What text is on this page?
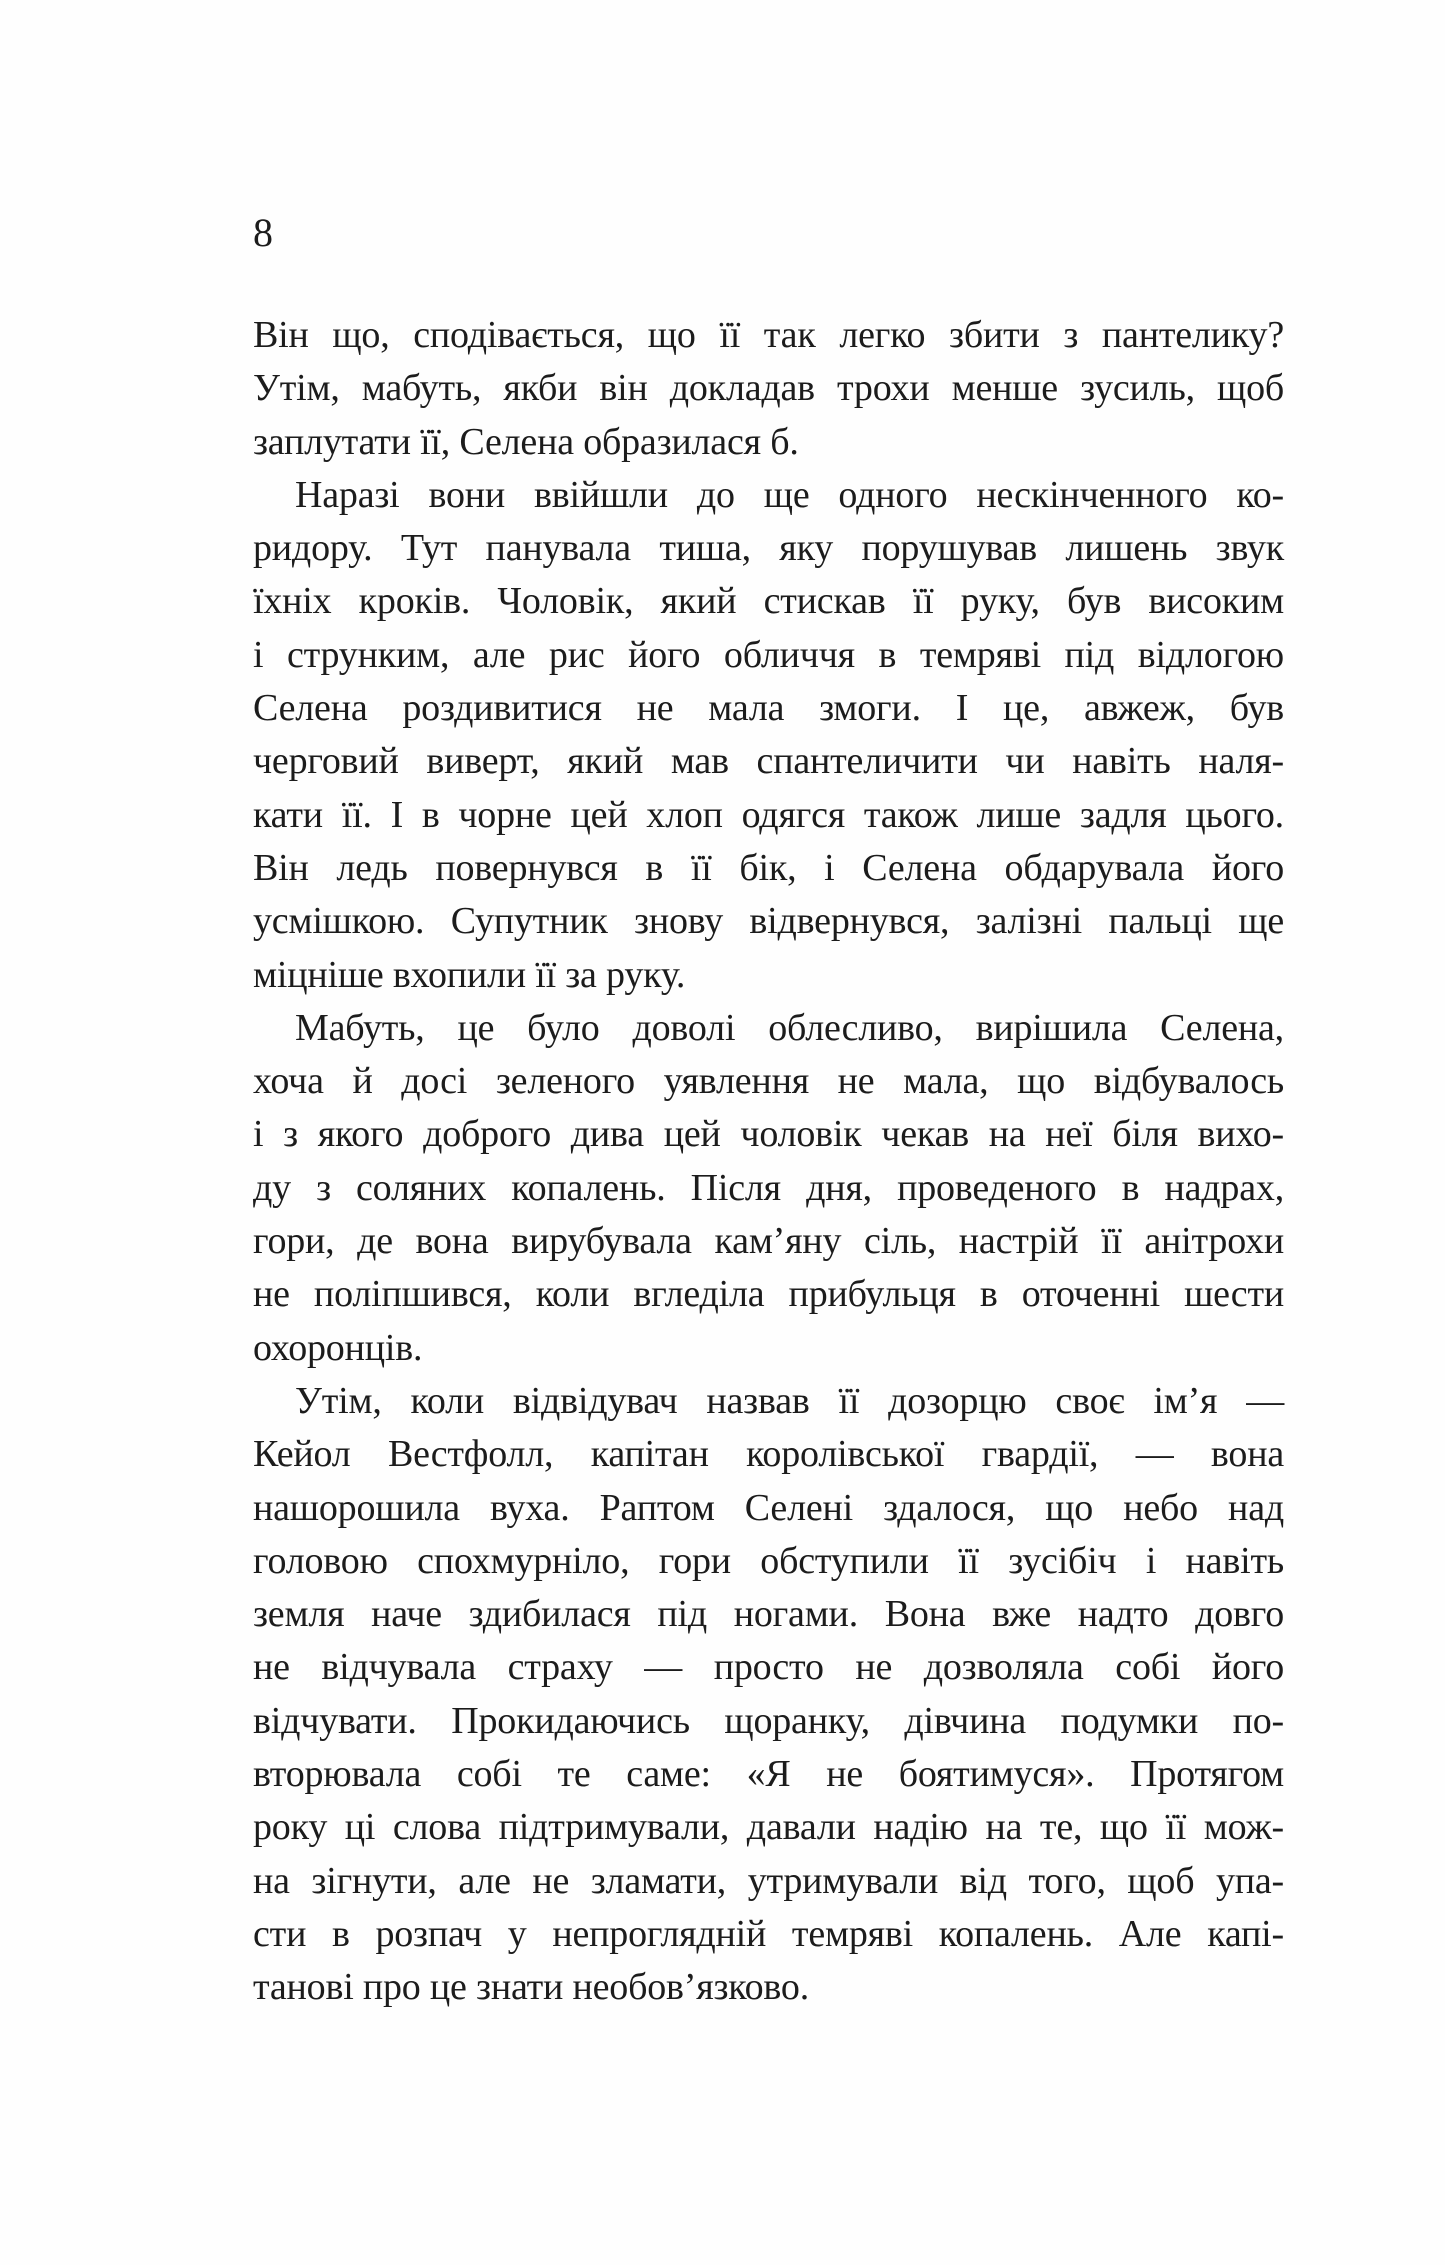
8
Він що, сподівається, що її так легко збити з пантелику?
Утім, мабуть, якби він докладав трохи менше зусиль, щоб
заплутати її, Селена образилася б.
Наразі вони ввійшли до ще одного нескінченного ко-
ридору. Тут панувала тиша, яку порушував лишень звук
їхніх кроків. Чоловік, який стискав її руку, був високим
і струнким, але рис його обличчя в темряві під відлогою
Селена роздивитися не мала змоги. І це, авжеж, був
черговий виверт, який мав спантеличити чи навіть наля-
кати її. І в чорне цей хлоп одягся також лише задля цього.
Він ледь повернувся в її бік, і Селена обдарувала його
усмішкою. Супутник знову відвернувся, залізні пальці ще
міцніше вхопили її за руку.
Мабуть, це було доволі облесливо, вирішила Селена,
хоча й досі зеленого уявлення не мала, що відбувалось
і з якого доброго дива цей чоловік чекав на неї біля вихо-
ду з соляних копалень. Після дня, проведеного в надрах,
гори, де вона вирубувала кам’яну сіль, настрій її анітрохи
не поліпшився, коли вгледіла прибульця в оточенні шести
охоронців.
Утім, коли відвідувач назвав її дозорцю своє ім’я —
Кейол Вестфолл, капітан королівської гвардії, — вона
нашорошила вуха. Раптом Селені здалося, що небо над
головою спохмурніло, гори обступили її зусібіч і навіть
земля наче здибилася під ногами. Вона вже надто довго
не відчувала страху — просто не дозволяла собі його
відчувати. Прокидаючись щоранку, дівчина подумки по-
вторювала собі те саме: «Я не боятимуся». Протягом
року ці слова підтримували, давали надію на те, що її мож-
на зігнути, але не зламати, утримували від того, щоб упа-
сти в розпач у непроглядній темряві копалень. Але капі-
танові про це знати необов’язково.
